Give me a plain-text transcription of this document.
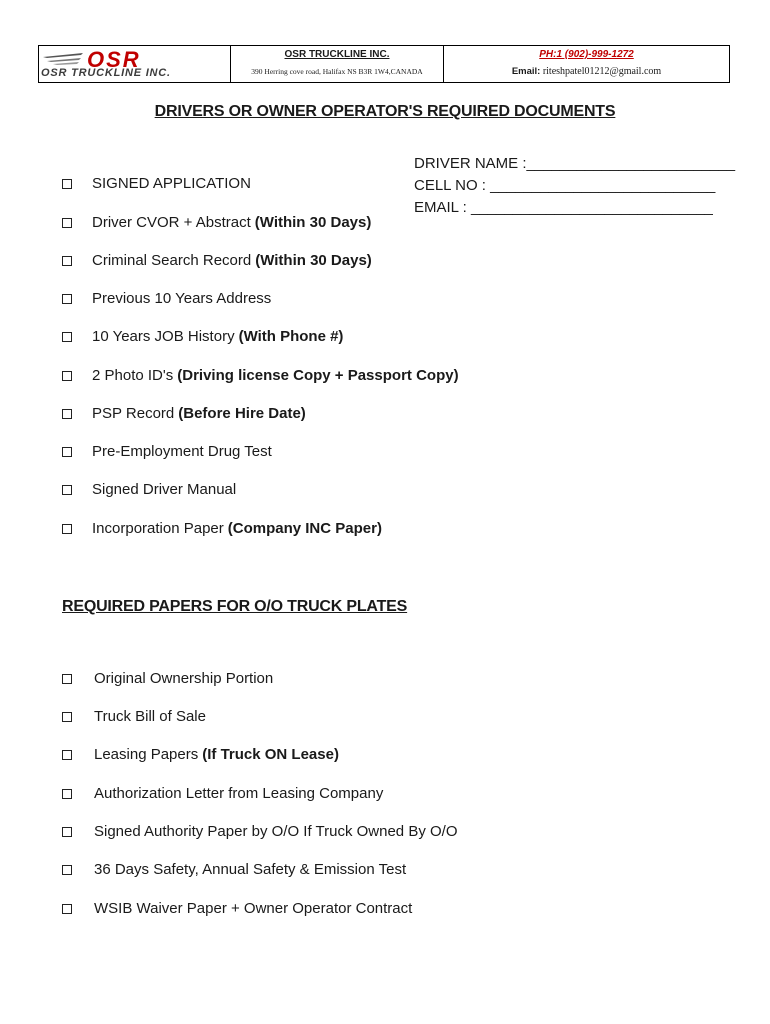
OSR
OSR TRUCKLINE INC.
OSR TRUCKLINE INC.
390 Herring cove road, Halifax NS B3R 1W4,CANADA
PH:1 (902)-999-1272
Email: riteshpatel01212@gmail.com
DRIVERS OR OWNER OPERATOR'S REQUIRED DOCUMENTS
DRIVER NAME :_________________________
CELL NO : ___________________________
EMAIL : _____________________________
SIGNED APPLICATION
Driver CVOR + Abstract (Within 30 Days)
Criminal Search Record (Within 30 Days)
Previous 10 Years Address
10 Years JOB History (With Phone #)
2 Photo ID's (Driving license Copy + Passport Copy)
PSP Record (Before Hire Date)
Pre-Employment Drug Test
Signed Driver Manual
Incorporation Paper (Company INC Paper)
REQUIRED PAPERS FOR O/O TRUCK PLATES
Original Ownership Portion
Truck Bill of Sale
Leasing Papers (If Truck ON Lease)
Authorization Letter from Leasing Company
Signed Authority Paper by O/O If Truck Owned By O/O
36 Days Safety, Annual Safety & Emission Test
WSIB Waiver Paper + Owner Operator Contract
